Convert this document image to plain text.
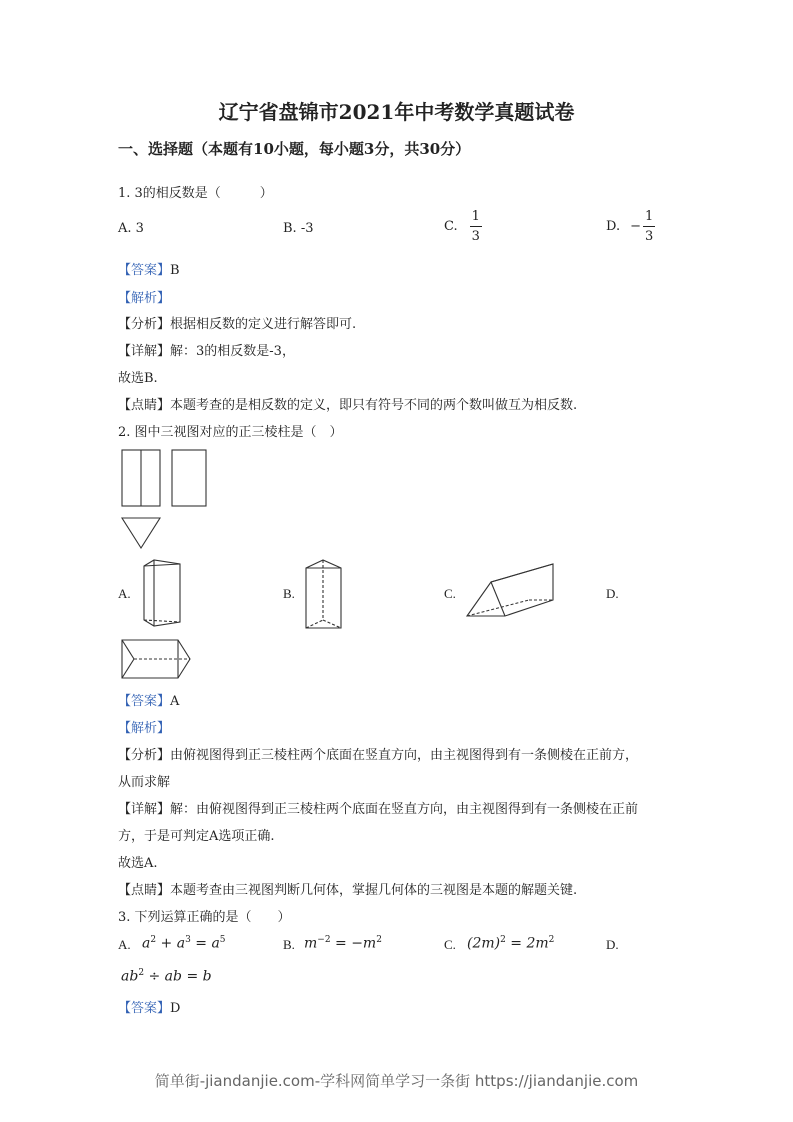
辽宁省盘锦市2021年中考数学真题试卷
一、选择题（本题有10小题，每小题3分，共30分）
1. 3的相反数是（　　　）
A. 3	B. -3	C. $\frac{1}{3}$	D. − $\frac{1}{3}$
【答案】B
【解析】
【分析】根据相反数的定义进行解答即可.
【详解】解：3的相反数是-3，
故选B.
【点睛】本题考查的是相反数的定义，即只有符号不同的两个数叫做互为相反数.
2. 图中三视图对应的正三棱柱是（　）
A.	B.	C.	D.
【答案】A
【解析】
【分析】由俯视图得到正三棱柱两个底面在竖直方向，由主视图得到有一条侧棱在正前方，
从而求解
【详解】解：由俯视图得到正三棱柱两个底面在竖直方向，由主视图得到有一条侧棱在正前
方，于是可判定A选项正确.
故选A.
【点睛】本题考查由三视图判断几何体，掌握几何体的三视图是本题的解题关键.
3. 下列运算正确的是（　　）
A. $a^2 + a^3 = a^5$	B. $m^{-2} = -m^2$	C. $(2m)^2 = 2m^2$	D.
$ab^2$ ÷ ab = b
【答案】D
简单街-jiandanjie.com-学科网简单学习一条街 https://jiandanjie.com
